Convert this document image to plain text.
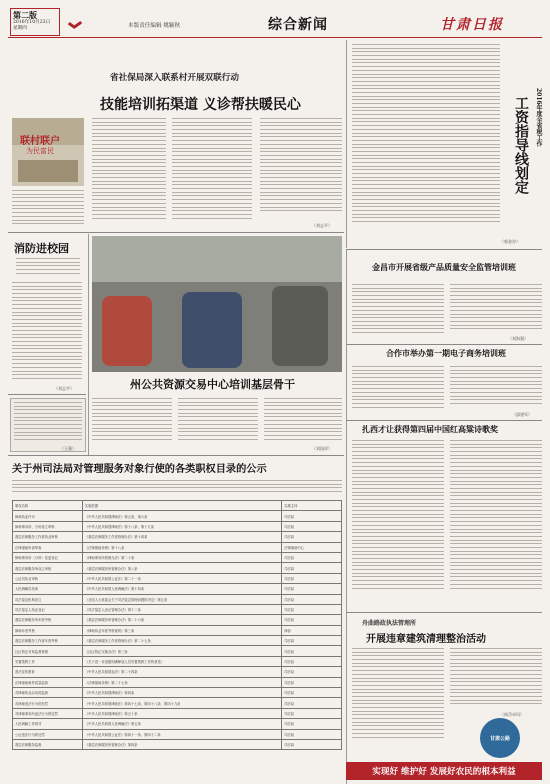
第二版
2016年10月23日
星期四	本版责任编辑 姚颖秋	综合新闻	甘肃日报
省社保局深入联系村开展双联行动
技能培训拓渠道 义诊帮扶暖民心
联村联户
为民富民
（刘志平）
2016年度全省税工作
工资指导线划定
（郭金存）
消防进校园
（刘志平）
（王强）
金昌市开展省级产品质量安全监管培训班
（刘海强）
合作市举办第一期电子商务培训班
（邵建军）
扎西才让获得第四届中国红高粱诗歌奖
州公共资源交易中心培训基层骨干
（刘国祥）
关于州司法局对管理服务对象行使的各类职权目录的公示
职权名称	实施依据	实施主体
律师执业许可	《中华人民共和国律师法》第五条、第六条	司法局
律师事务所、分所设立审核	《中华人民共和国律师法》第十八条、第十九条	司法局
基层法律服务工作者执业审核	《基层法律服务工作者管理办法》第十四条	司法局
法律援助申请审查	《法律援助条例》第十八条	法律援助中心
律师事务所（分所）变更登记	《律师事务所管理办法》第二十条	司法局
基层法律服务所设立审核	《基层法律服务所管理办法》第八条	司法局
公证员执业审核	《中华人民共和国公证法》第二十一条	司法局
人民调解员培训	《中华人民共和国人民调解法》第十四条	司法局
司法鉴定机构设立	《全国人大常委会关于司法鉴定管理问题的决定》第五条	司法局
司法鉴定人执业登记	《司法鉴定人登记管理办法》第十二条	司法局
基层法律服务所年度考核	《基层法律服务所管理办法》第二十六条	司法局
律师年度考核	《律师执业年度考核规则》第三条	律协
基层法律服务工作者年度考核	《基层法律服务工作者管理办法》第二十七条	司法局
社区矫正对象监督管理	《社区矫正实施办法》第三条	司法局
安置帮教工作	《关于进一步加强刑满释放人员安置帮教工作的意见》	司法局
普法宣传教育	《中华人民共和国宪法》第二十四条	司法局
法律援助案件质量监督	《法律援助条例》第二十七条	司法局
对律师执业活动的监督	《中华人民共和国律师法》第四条	司法局
对律师违法行为的处罚	《中华人民共和国律师法》第四十七条、第四十八条、第四十九条	司法局
对律师事务所违法行为的处罚	《中华人民共和国律师法》第五十条	司法局
人民调解工作指导	《中华人民共和国人民调解法》第五条	司法局
公证违法行为的处罚	《中华人民共和国公证法》第四十一条、第四十二条	司法局
基层法律服务监督	《基层法律服务所管理办法》第四条	司法局
舟曲路政执法管理所
开展违章建筑清理整治活动
（周尕卓玛）
甘肃公路
实现好 维护好 发展好农民的根本利益
